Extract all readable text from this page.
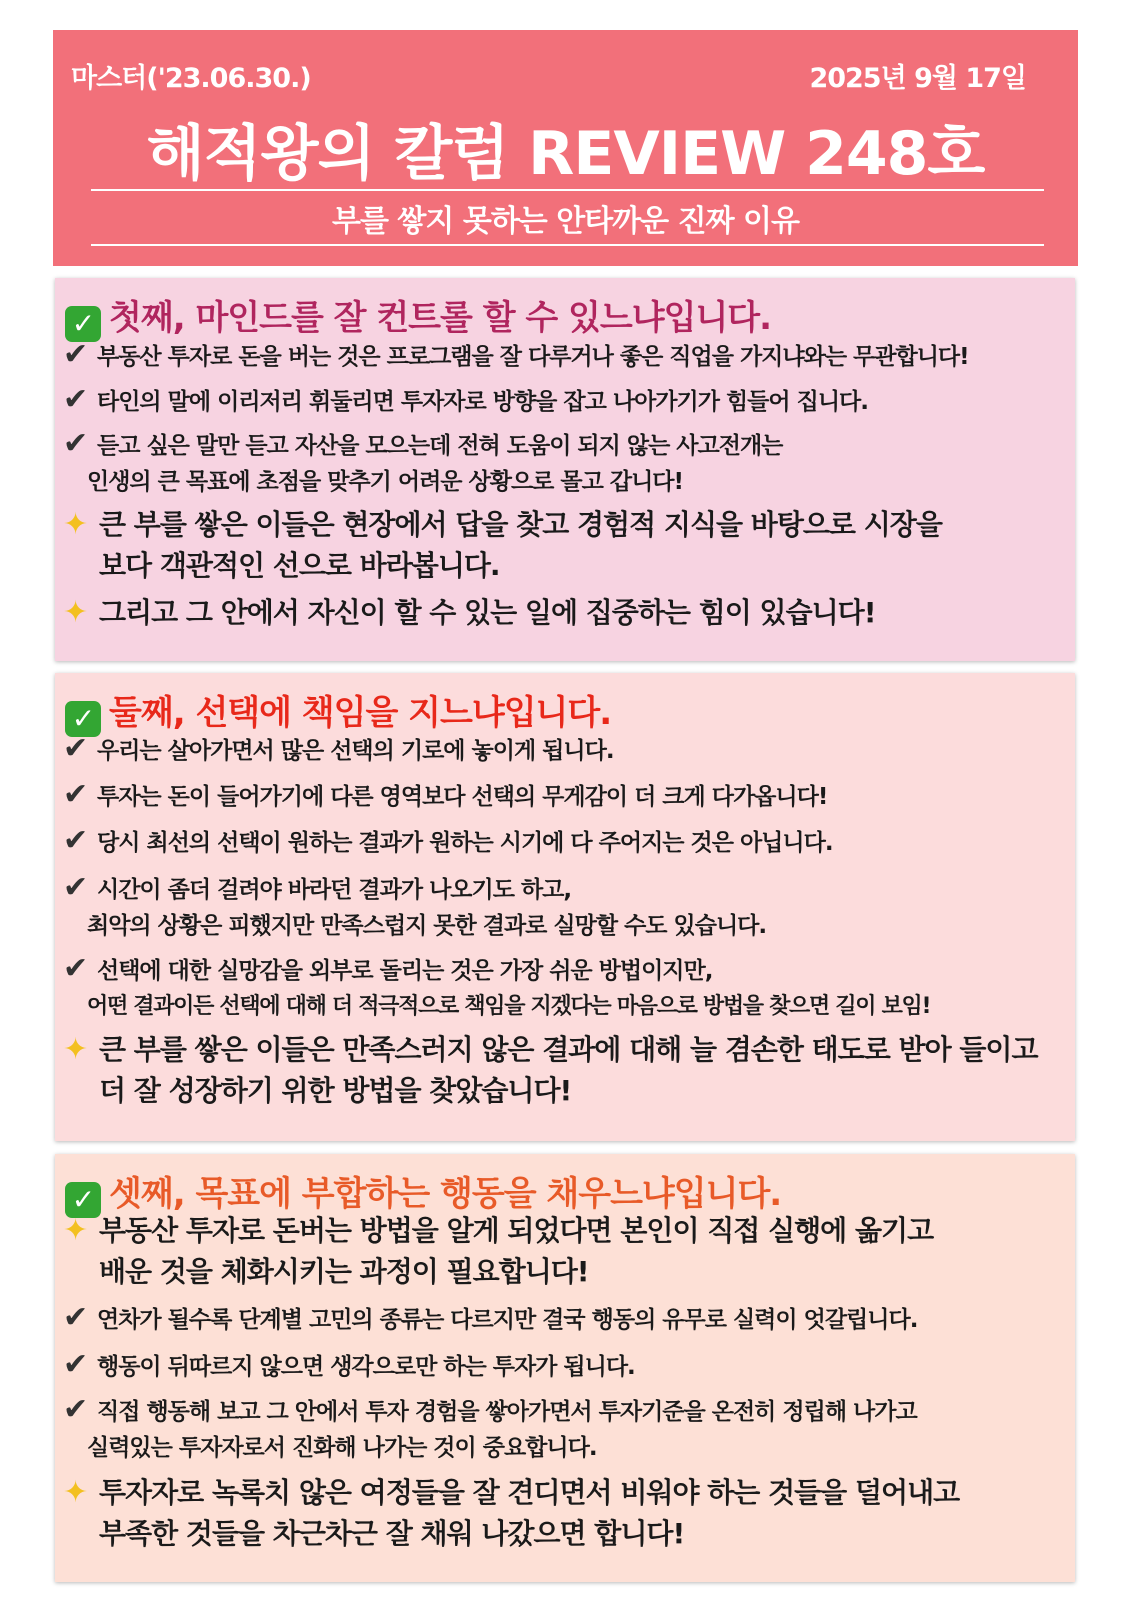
마스터('23.06.30.)	2025년 9월 17일
해적왕의 칼럼 REVIEW 248호
부를 쌓지 못하는 안타까운 진짜 이유
✓ 첫째, 마인드를 잘 컨트롤 할 수 있느냐입니다.
✔ 부동산 투자로 돈을 버는 것은 프로그램을 잘 다루거나 좋은 직업을 가지냐와는 무관합니다!
✔ 타인의 말에 이리저리 휘둘리면 투자자로 방향을 잡고 나아가기가 힘들어 집니다.
✔ 듣고 싶은 말만 듣고 자산을 모으는데 전혀 도움이 되지 않는 사고전개는
인생의 큰 목표에 초점을 맞추기 어려운 상황으로 몰고 갑니다!
✦ 큰 부를 쌓은 이들은 현장에서 답을 찾고 경험적 지식을 바탕으로 시장을
보다 객관적인 선으로 바라봅니다.
✦ 그리고 그 안에서 자신이 할 수 있는 일에 집중하는 힘이 있습니다!
✓ 둘째, 선택에 책임을 지느냐입니다.
✔ 우리는 살아가면서 많은 선택의 기로에 놓이게 됩니다.
✔ 투자는 돈이 들어가기에 다른 영역보다 선택의 무게감이 더 크게 다가옵니다!
✔ 당시 최선의 선택이 원하는 결과가 원하는 시기에 다 주어지는 것은 아닙니다.
✔ 시간이 좀더 걸려야 바라던 결과가 나오기도 하고,
최악의 상황은 피했지만 만족스럽지 못한 결과로 실망할 수도 있습니다.
✔ 선택에 대한 실망감을 외부로 돌리는 것은 가장 쉬운 방법이지만,
어떤 결과이든 선택에 대해 더 적극적으로 책임을 지겠다는 마음으로 방법을 찾으면 길이 보임!
✦ 큰 부를 쌓은 이들은 만족스러지 않은 결과에 대해 늘 겸손한 태도로 받아 들이고
더 잘 성장하기 위한 방법을 찾았습니다!
✓ 셋째, 목표에 부합하는 행동을 채우느냐입니다.
✦ 부동산 투자로 돈버는 방법을 알게 되었다면 본인이 직접 실행에 옮기고
배운 것을 체화시키는 과정이 필요합니다!
✔ 연차가 될수록 단계별 고민의 종류는 다르지만 결국 행동의 유무로 실력이 엇갈립니다.
✔ 행동이 뒤따르지 않으면 생각으로만 하는 투자가 됩니다.
✔ 직접 행동해 보고 그 안에서 투자 경험을 쌓아가면서 투자기준을 온전히 정립해 나가고
실력있는 투자자로서 진화해 나가는 것이 중요합니다.
✦ 투자자로 녹록치 않은 여정들을 잘 견디면서 비워야 하는 것들을 덜어내고
부족한 것들을 차근차근 잘 채워 나갔으면 합니다!
